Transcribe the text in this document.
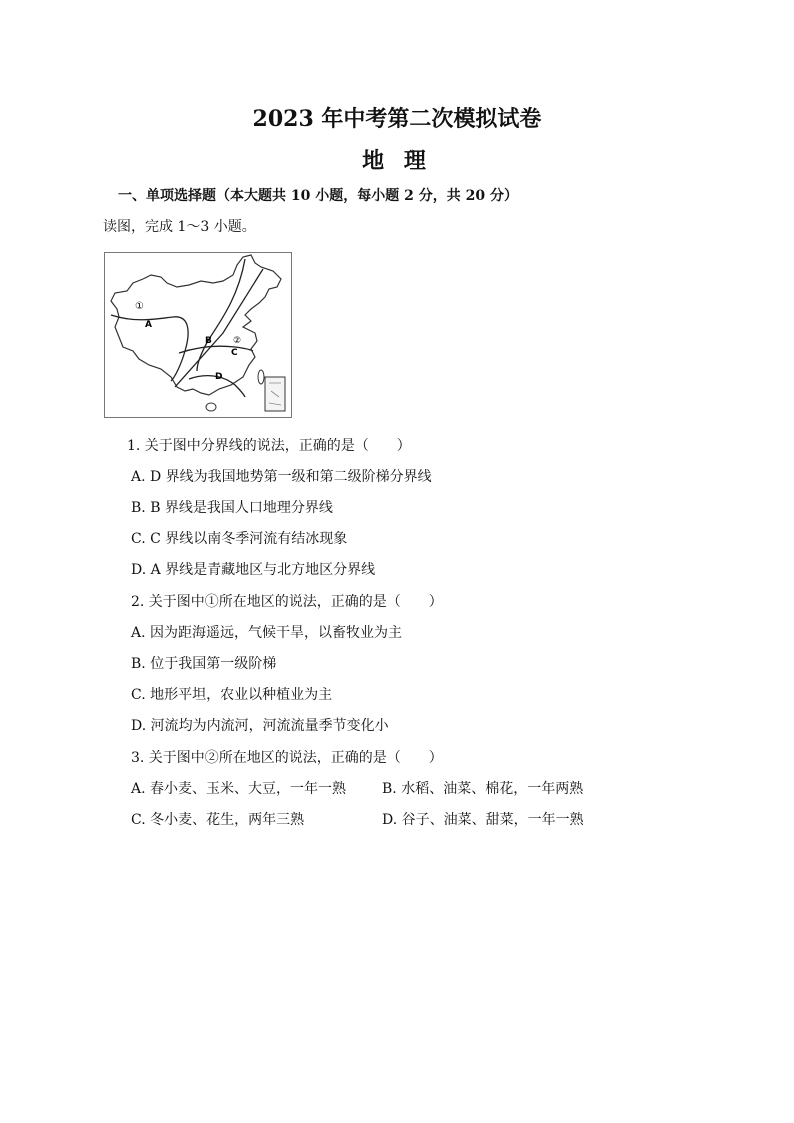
2023 年中考第二次模拟试卷
地 理
一、单项选择题（本大题共 10 小题，每小题 2 分，共 20 分）
读图，完成 1～3 小题。
①
A
B ②
C
D
1. 关于图中分界线的说法，正确的是（　　）
A. D 界线为我国地势第一级和第二级阶梯分界线
B. B 界线是我国人口地理分界线
C. C 界线以南冬季河流有结冰现象
D. A 界线是青藏地区与北方地区分界线
2. 关于图中①所在地区的说法，正确的是（　　）
A. 因为距海遥远，气候干旱，以畜牧业为主
B. 位于我国第一级阶梯
C. 地形平坦，农业以种植业为主
D. 河流均为内流河，河流流量季节变化小
3. 关于图中②所在地区的说法，正确的是（　　）
A. 春小麦、玉米、大豆，一年一熟	B. 水稻、油菜、棉花，一年两熟
C. 冬小麦、花生，两年三熟	D. 谷子、油菜、甜菜，一年一熟
